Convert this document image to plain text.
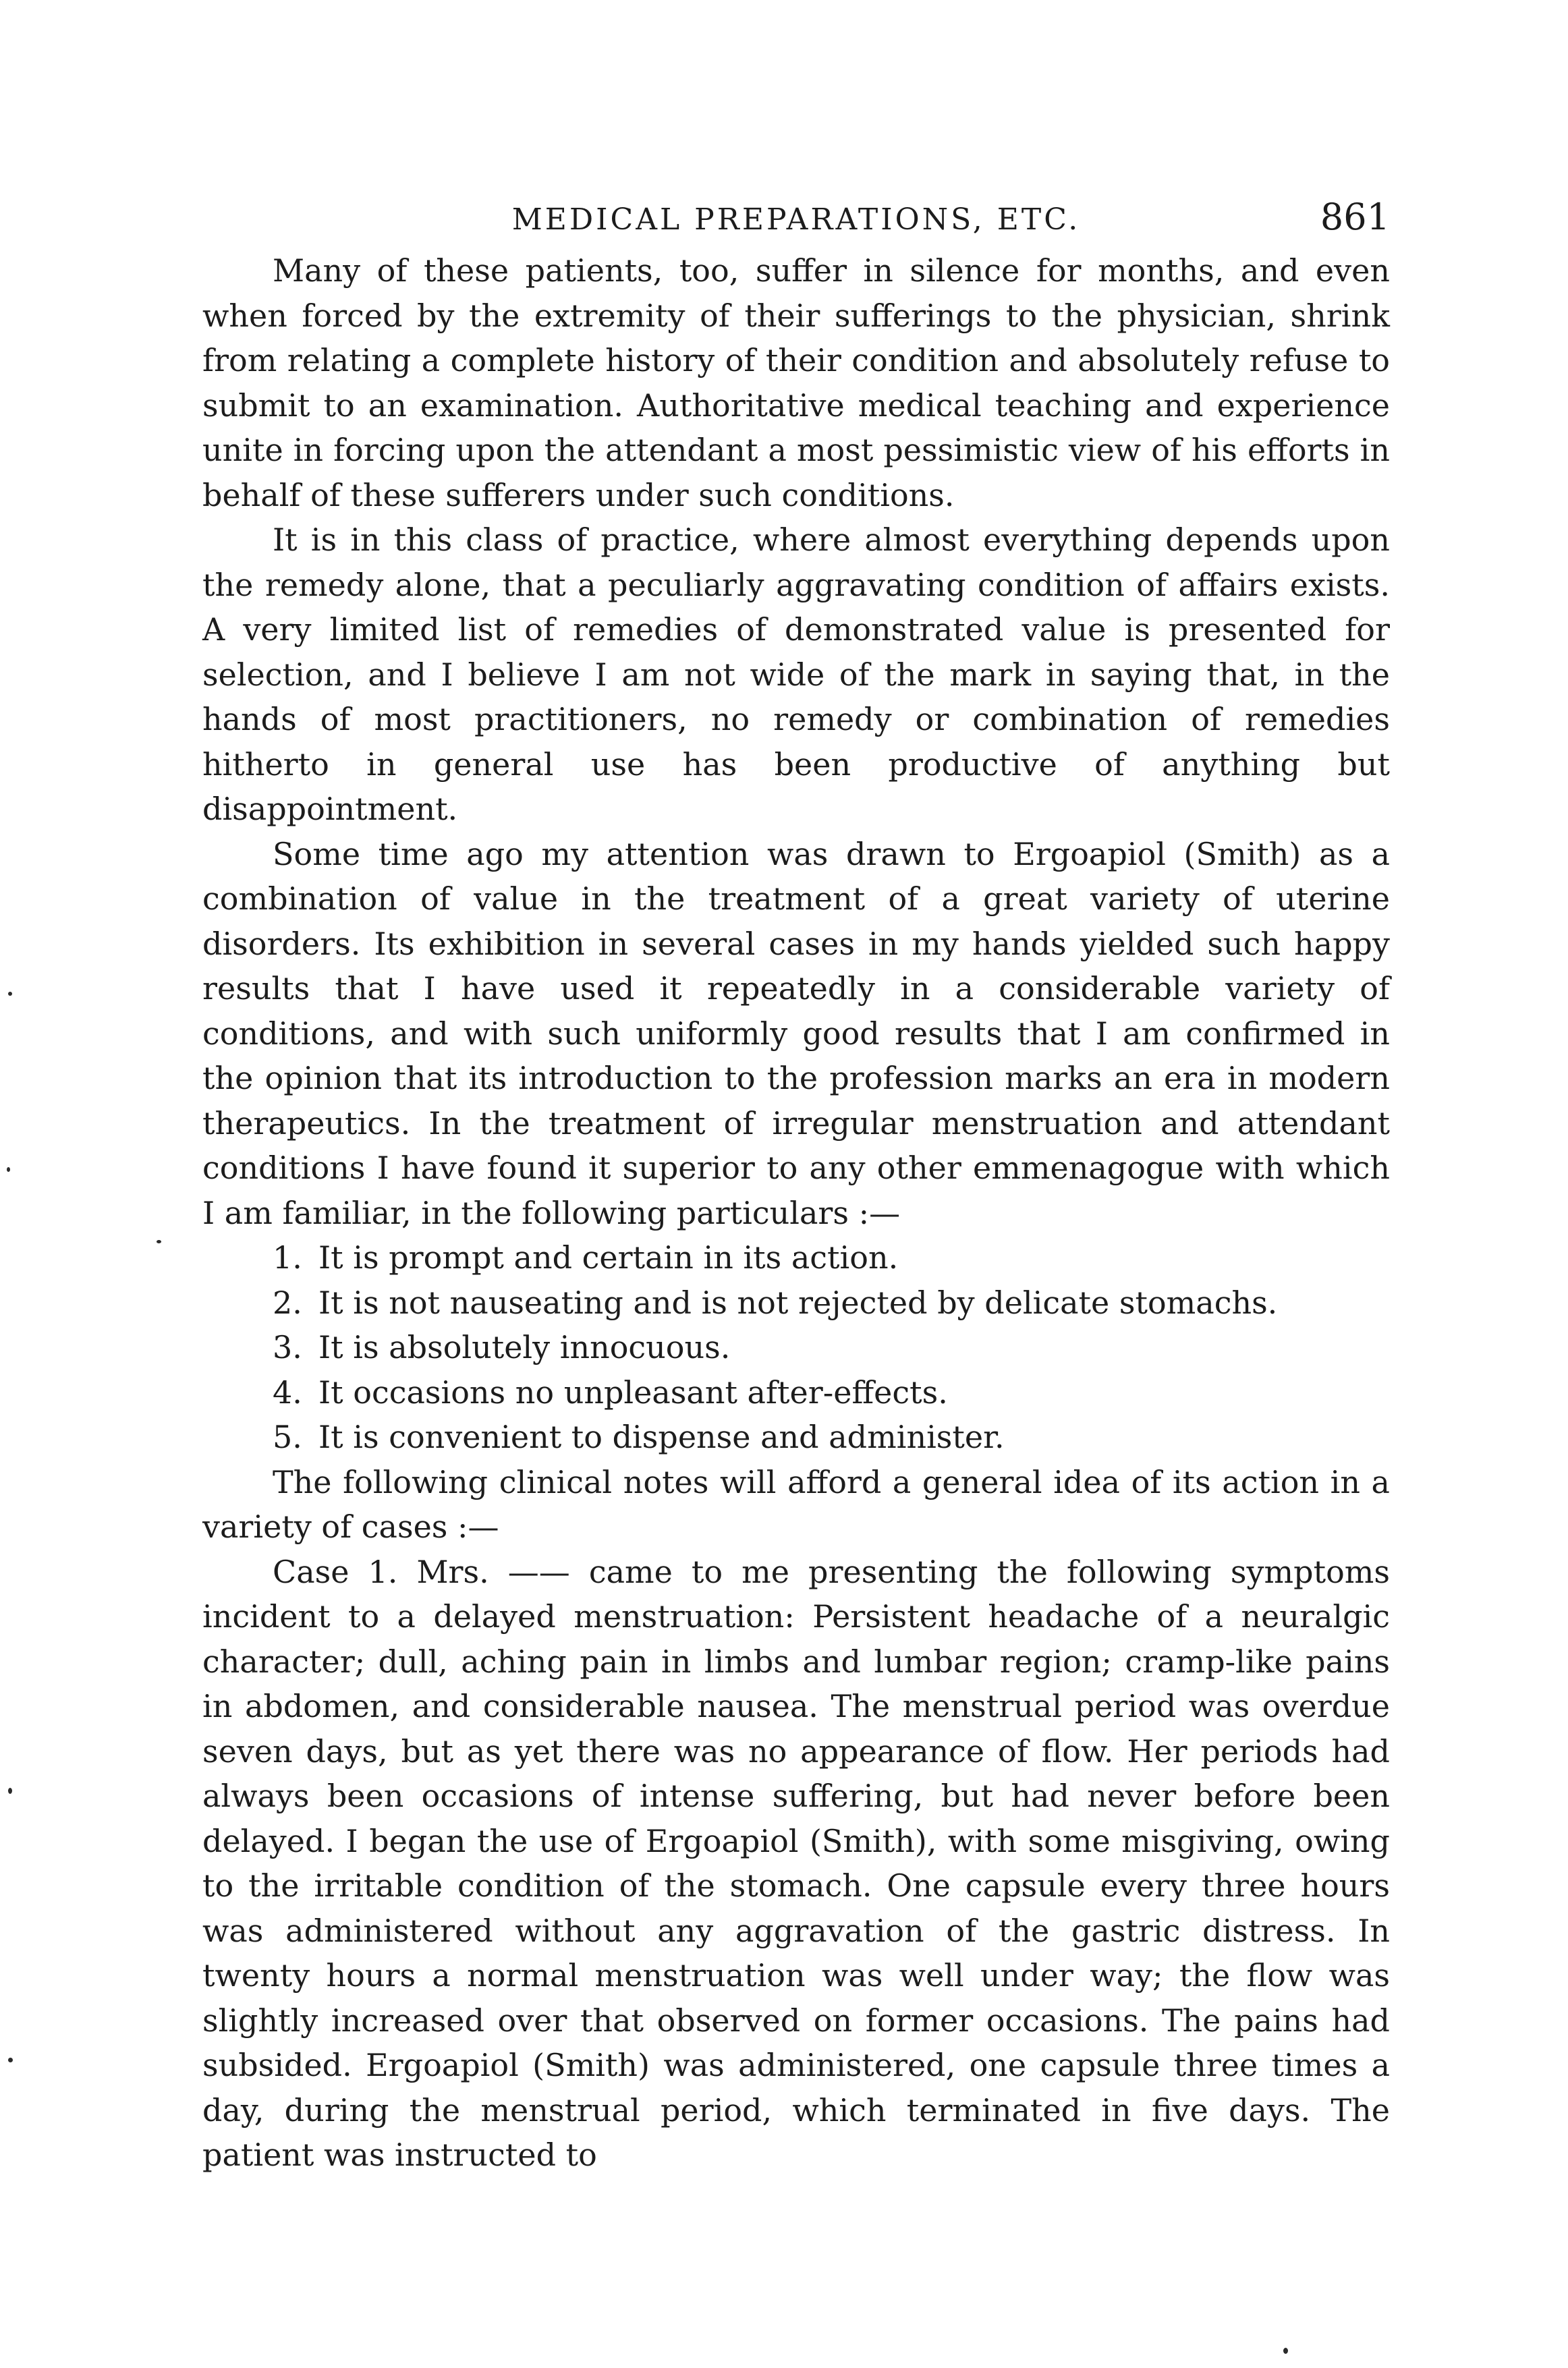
MEDICAL PREPARATIONS, ETC.	861

Many of these patients, too, suffer in silence for months, and even when forced by the extremity of their sufferings to the physician, shrink from relating a complete history of their condition and absolutely refuse to submit to an examination. Authoritative medical teaching and experience unite in forcing upon the attendant a most pessimistic view of his efforts in behalf of these sufferers under such conditions.

It is in this class of practice, where almost everything depends upon the remedy alone, that a peculiarly aggravating condition of affairs exists. A very limited list of remedies of demonstrated value is presented for selection, and I believe I am not wide of the mark in saying that, in the hands of most practitioners, no remedy or combination of remedies hitherto in general use has been productive of anything but disappointment.

Some time ago my attention was drawn to Ergoapiol (Smith) as a combination of value in the treatment of a great variety of uterine disorders. Its exhibition in several cases in my hands yielded such happy results that I have used it repeatedly in a considerable variety of conditions, and with such uniformly good results that I am confirmed in the opinion that its introduction to the profession marks an era in modern therapeutics. In the treatment of irregular menstruation and attendant conditions I have found it superior to any other emmenagogue with which I am familiar, in the following particulars :—

1. It is prompt and certain in its action.
2. It is not nauseating and is not rejected by delicate stomachs.
3. It is absolutely innocuous.
4. It occasions no unpleasant after-effects.
5. It is convenient to dispense and administer.

The following clinical notes will afford a general idea of its action in a variety of cases :—

Case 1. Mrs. —— came to me presenting the following symptoms incident to a delayed menstruation: Persistent headache of a neuralgic character; dull, aching pain in limbs and lumbar region; cramp-like pains in abdomen, and considerable nausea. The menstrual period was overdue seven days, but as yet there was no appearance of flow. Her periods had always been occasions of intense suffering, but had never before been delayed. I began the use of Ergoapiol (Smith), with some misgiving, owing to the irritable condition of the stomach. One capsule every three hours was administered without any aggravation of the gastric distress. In twenty hours a normal menstruation was well under way; the flow was slightly increased over that observed on former occasions. The pains had subsided. Ergoapiol (Smith) was administered, one capsule three times a day, during the menstrual period, which terminated in five days. The patient was instructed to
